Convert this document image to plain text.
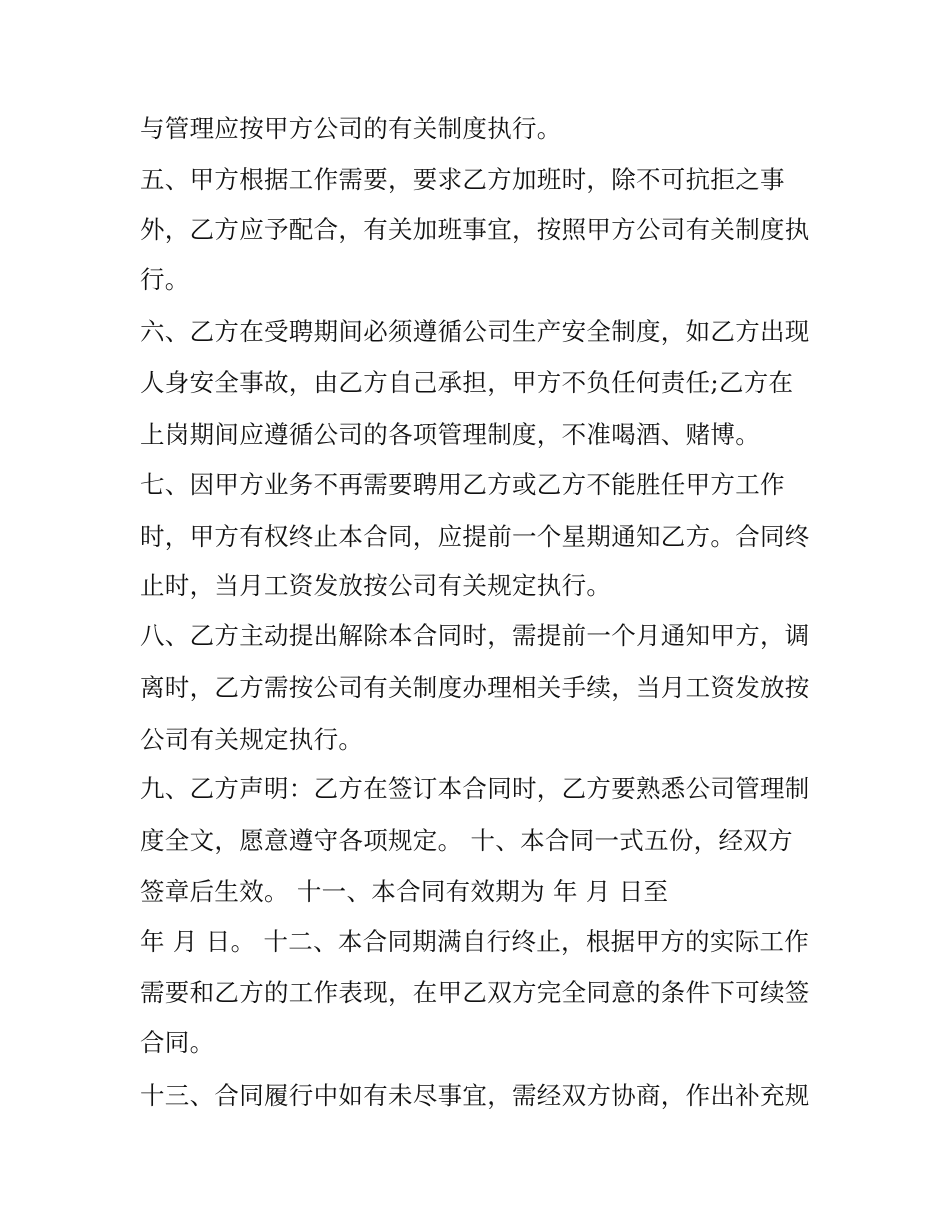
与管理应按甲方公司的有关制度执行。
五、甲方根据工作需要，要求乙方加班时，除不可抗拒之事
外，乙方应予配合，有关加班事宜，按照甲方公司有关制度执
行。
六、乙方在受聘期间必须遵循公司生产安全制度，如乙方出现
人身安全事故，由乙方自己承担，甲方不负任何责任;乙方在
上岗期间应遵循公司的各项管理制度，不准喝酒、赌博。
七、因甲方业务不再需要聘用乙方或乙方不能胜任甲方工作
时，甲方有权终止本合同，应提前一个星期通知乙方。合同终
止时，当月工资发放按公司有关规定执行。
八、乙方主动提出解除本合同时，需提前一个月通知甲方，调
离时，乙方需按公司有关制度办理相关手续，当月工资发放按
公司有关规定执行。
九、乙方声明：乙方在签订本合同时，乙方要熟悉公司管理制
度全文，愿意遵守各项规定。 十、本合同一式五份，经双方
签章后生效。 十一、本合同有效期为 年 月 日至
年 月 日。 十二、本合同期满自行终止，根据甲方的实际工作
需要和乙方的工作表现，在甲乙双方完全同意的条件下可续签
合同。
十三、合同履行中如有未尽事宜，需经双方协商，作出补充规
